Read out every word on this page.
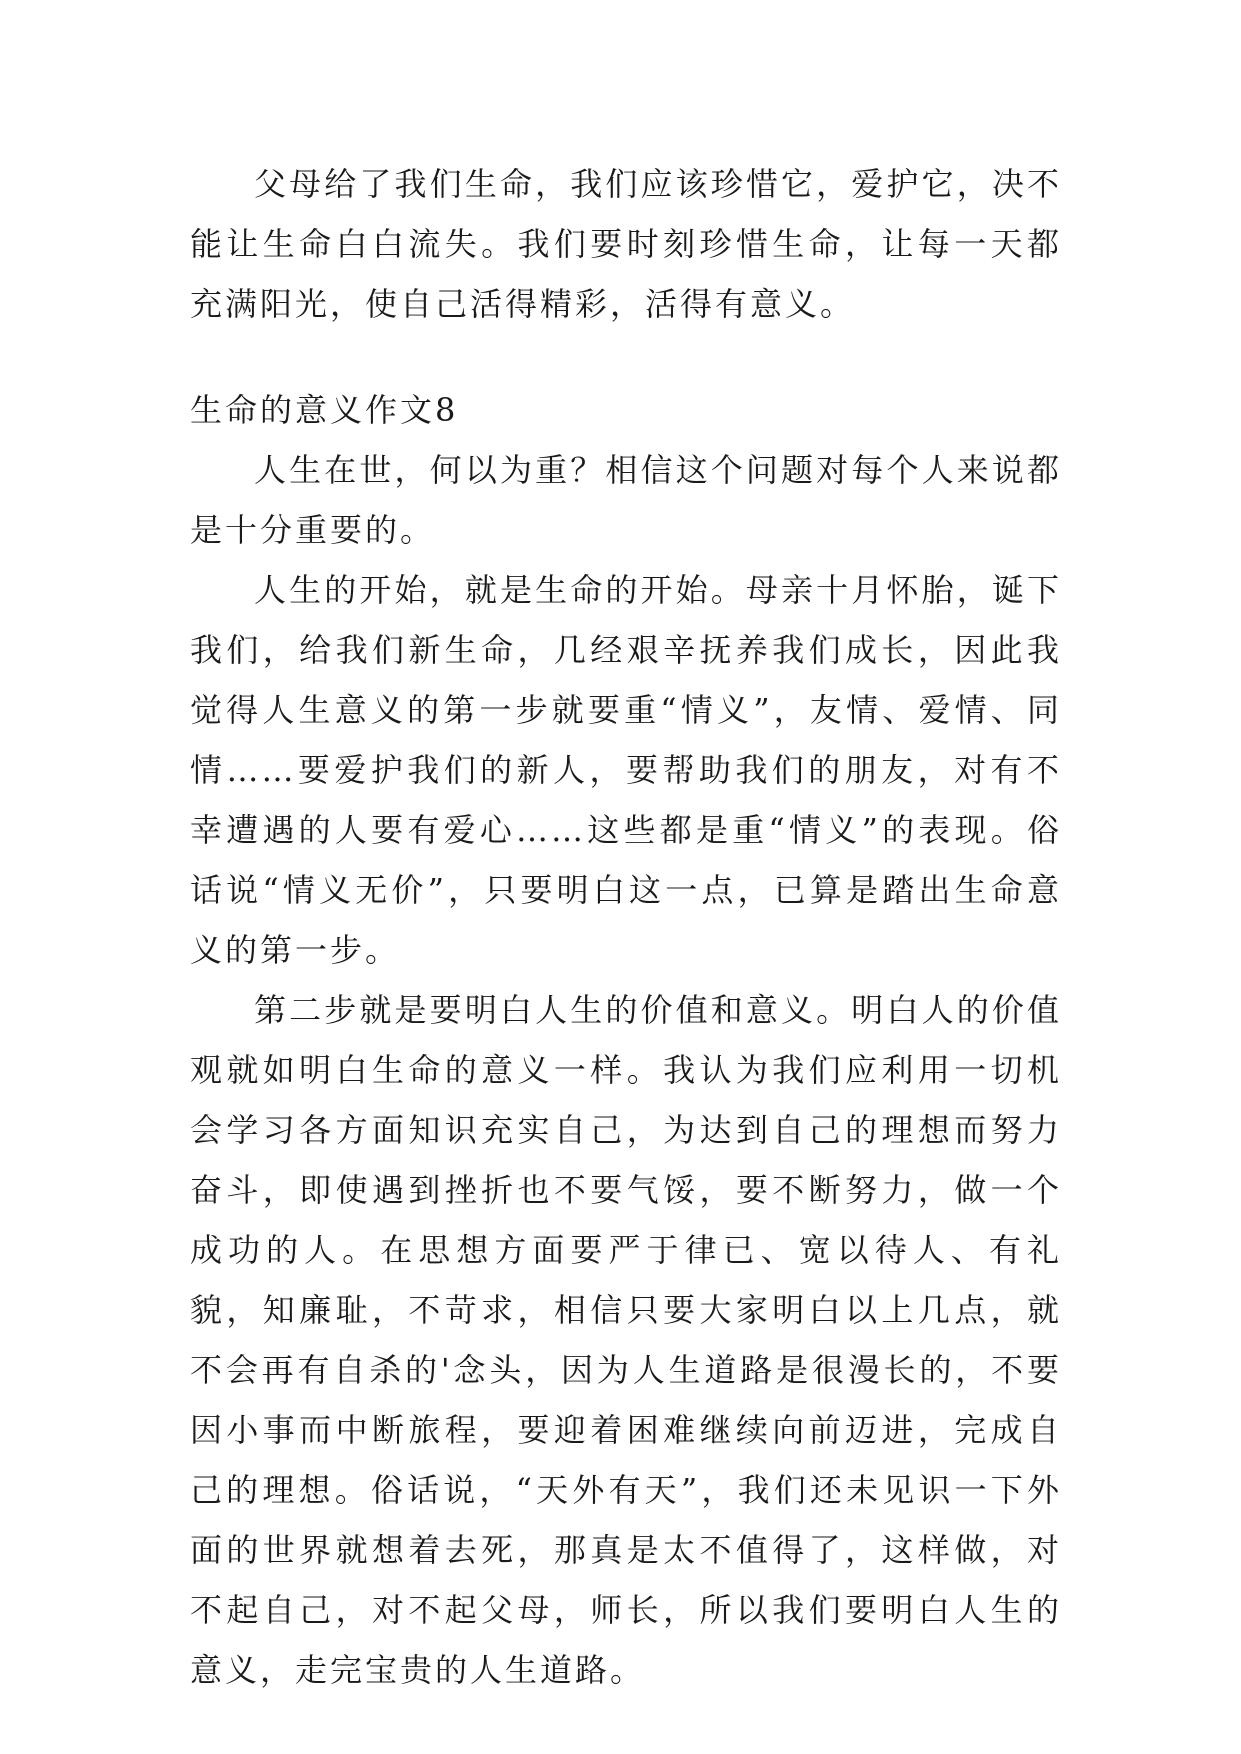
父母给了我们生命，我们应该珍惜它，爱护它，决不能让生命白白流失。我们要时刻珍惜生命，让每一天都充满阳光，使自己活得精彩，活得有意义。

生命的意义作文8

人生在世，何以为重？相信这个问题对每个人来说都是十分重要的。

人生的开始，就是生命的开始。母亲十月怀胎，诞下我们，给我们新生命，几经艰辛抚养我们成长，因此我觉得人生意义的第一步就要重“情义”，友情、爱情、同情……要爱护我们的新人，要帮助我们的朋友，对有不幸遭遇的人要有爱心……这些都是重“情义”的表现。俗话说“情义无价”，只要明白这一点，已算是踏出生命意义的第一步。

第二步就是要明白人生的价值和意义。明白人的价值观就如明白生命的意义一样。我认为我们应利用一切机会学习各方面知识充实自己，为达到自己的理想而努力奋斗，即使遇到挫折也不要气馁，要不断努力，做一个成功的人。在思想方面要严于律已、宽以待人、有礼貌，知廉耻，不苛求，相信只要大家明白以上几点，就不会再有自杀的'念头，因为人生道路是很漫长的，不要因小事而中断旅程，要迎着困难继续向前迈进，完成自己的理想。俗话说，“天外有天”，我们还未见识一下外面的世界就想着去死，那真是太不值得了，这样做，对不起自己，对不起父母，师长，所以我们要明白人生的意义，走完宝贵的人生道路。
